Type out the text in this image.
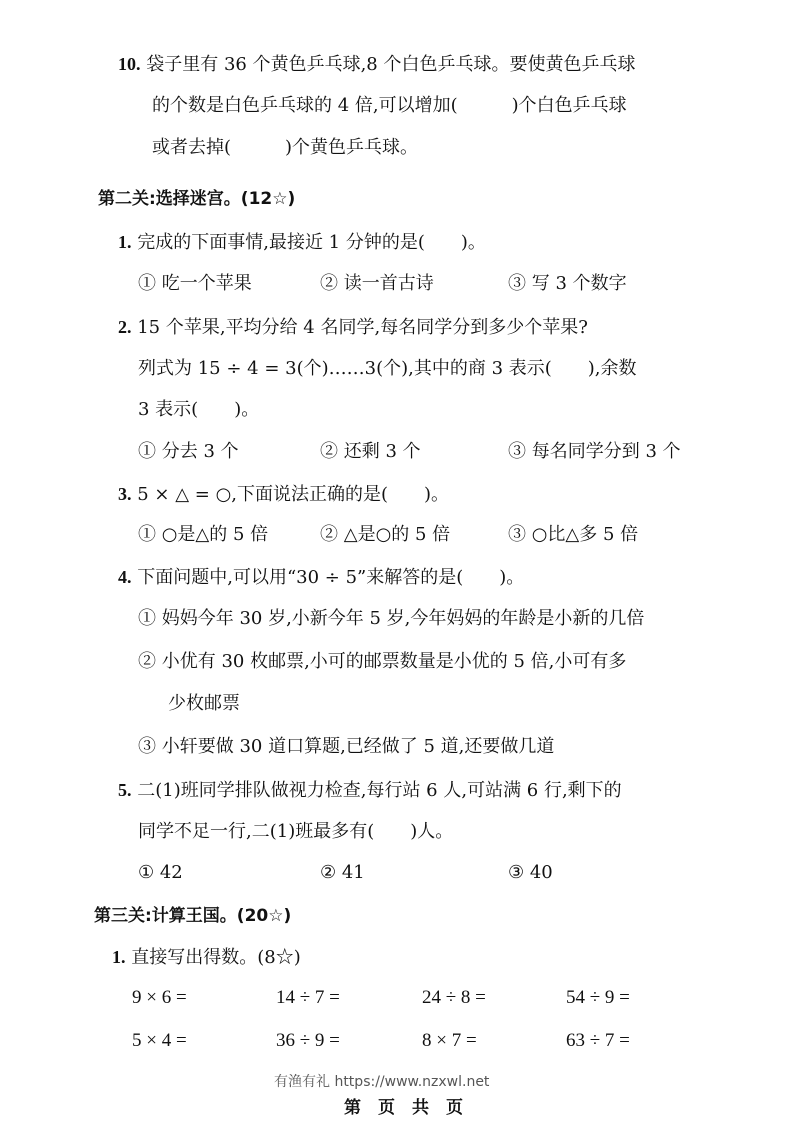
10. 袋子里有 36 个黄色乒乓球,8 个白色乒乓球。要使黄色乒乓球
的个数是白色乒乓球的 4 倍,可以增加(　　　)个白色乒乓球
或者去掉(　　　)个黄色乒乓球。
第二关:选择迷宫。(12☆)
1. 完成的下面事情,最接近 1 分钟的是(　　)。
① 吃一个苹果	② 读一首古诗	③ 写 3 个数字
2. 15 个苹果,平均分给 4 名同学,每名同学分到多少个苹果?
列式为 15 ÷ 4 = 3(个)……3(个),其中的商 3 表示(　　),余数
3 表示(　　)。
① 分去 3 个	② 还剩 3 个	③ 每名同学分到 3 个
3. 5 × △ = ○,下面说法正确的是(　　)。
① ○是△的 5 倍	② △是○的 5 倍	③ ○比△多 5 倍
4. 下面问题中,可以用“30 ÷ 5”来解答的是(　　)。
① 妈妈今年 30 岁,小新今年 5 岁,今年妈妈的年龄是小新的几倍
② 小优有 30 枚邮票,小可的邮票数量是小优的 5 倍,小可有多
少枚邮票
③ 小轩要做 30 道口算题,已经做了 5 道,还要做几道
5. 二(1)班同学排队做视力检查,每行站 6 人,可站满 6 行,剩下的
同学不足一行,二(1)班最多有(　　)人。
① 42	② 41	③ 40
第三关:计算王国。(20☆)
1. 直接写出得数。(8☆)
9 × 6 =	14 ÷ 7 =	24 ÷ 8 =	54 ÷ 9 =
5 × 4 =	36 ÷ 9 =	8 × 7 =	63 ÷ 7 =
有渔有礼 https://www.nzxwl.net
第　页　共　页
